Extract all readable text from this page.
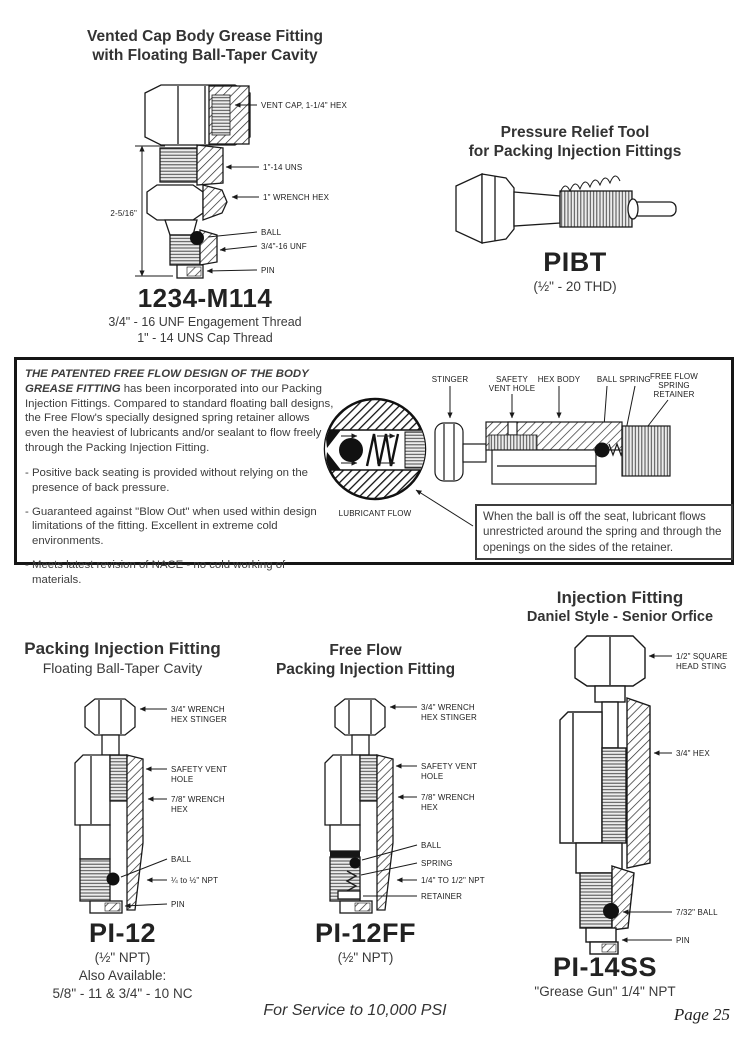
Vented Cap Body Grease Fitting
with Floating Ball-Taper Cavity
2-5/16"
VENT CAP, 1-1/4" HEX
1"-14 UNS
1" WRENCH HEX
BALL
3/4"-16 UNF
PIN
1234-M114
3/4" - 16 UNF Engagement Thread
1" - 14 UNS Cap Thread
Pressure Relief Tool
for Packing Injection Fittings
PIBT
(½" - 20 THD)

THE PATENTED FREE FLOW DESIGN OF THE BODY GREASE FITTING has been incorporated into our Packing Injection Fittings. Compared to standard floating ball designs, the Free Flow's specially designed spring retainer allows even the heaviest of lubricants and/or sealant to flow freely through the Packing Injection Fitting.

- Positive back seating is provided without relying on the presence of back pressure.

- Guaranteed against "Blow Out" when used within design limitations of the fitting. Excellent in extreme cold environments.

- Meets latest revision of NACE - no cold working of materials.

STINGER	SAFETY
VENT HOLE
HEX BODY BALL SPRING FREE FLOW
SPRING
RETAINER
LUBRICANT FLOW	When the ball is off the seat, lubricant flows unrestricted around the spring and through the openings on the sides of the retainer.
Packing Injection Fitting
Floating Ball-Taper Cavity
3/4" WRENCH
HEX STINGER
SAFETY VENT
HOLE
7/8" WRENCH
HEX
BALL
¼ to ½" NPT
PIN
PI-12
(½" NPT)
Also Available:
5/8" - 11 & 3/4" - 10 NC
Free Flow
Packing Injection Fitting
3/4" WRENCH
HEX STINGER
SAFETY VENT
HOLE
7/8" WRENCH
HEX
BALL
SPRING
1/4" TO 1/2" NPT
RETAINER
PI-12FF
(½" NPT)
Injection Fitting
Daniel Style - Senior Orfice
1/2" SQUARE
HEAD STING
3/4" HEX
7/32" BALL
PIN
PI-14SS
"Grease Gun" 1/4" NPT
For Service to 10,000 PSI	Page 25
